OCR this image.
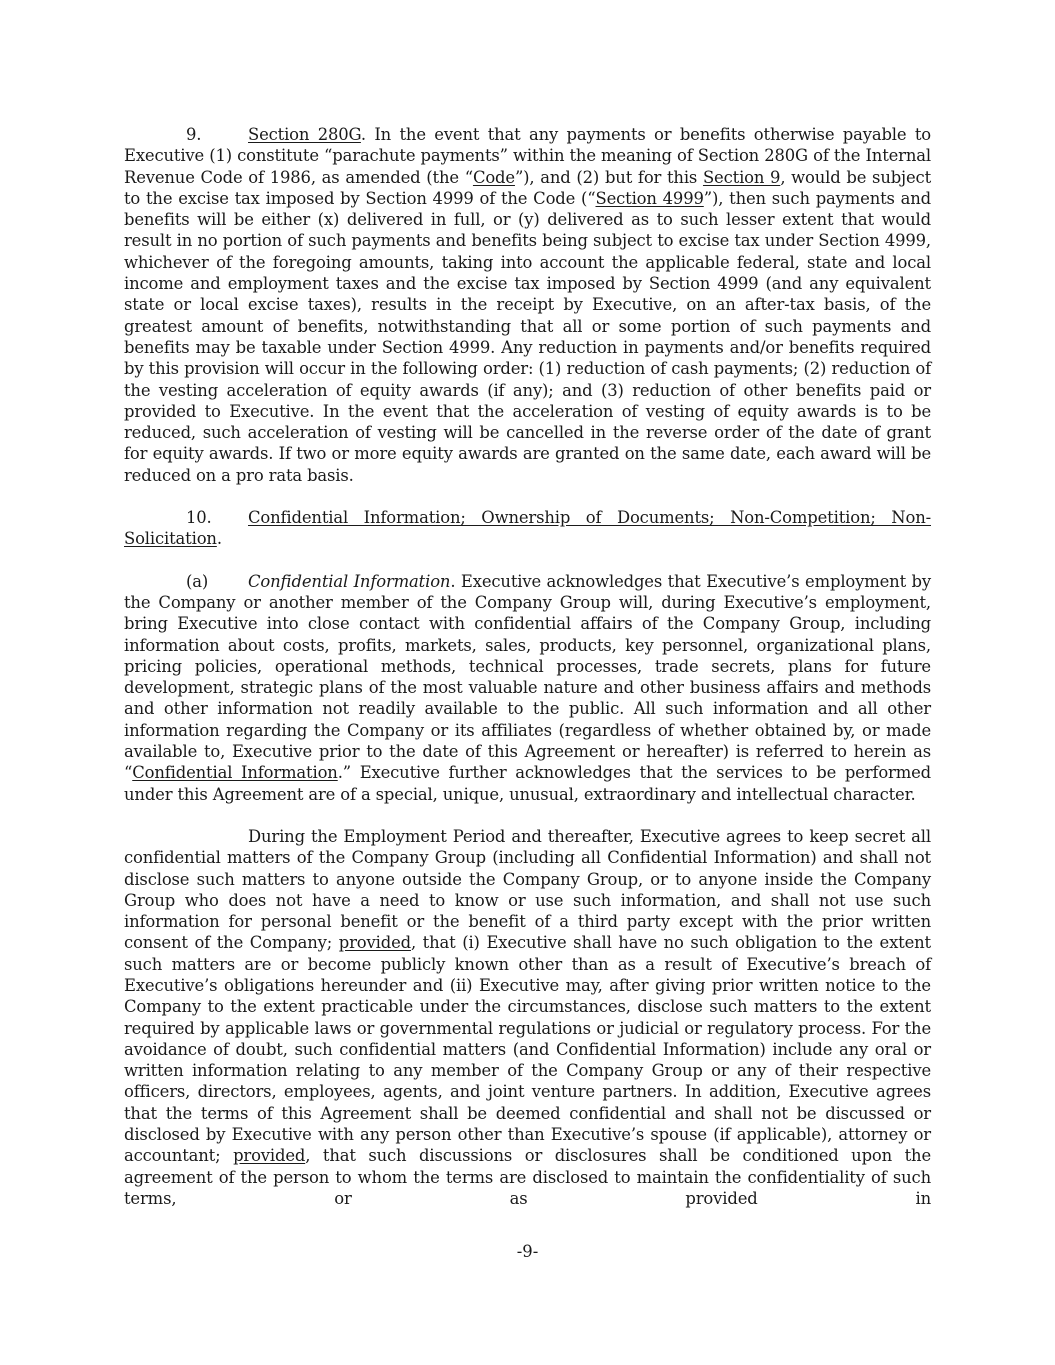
9.	Section 280G. In the event that any payments or benefits otherwise payable to Executive (1) constitute “parachute payments” within the meaning of Section 280G of the Internal Revenue Code of 1986, as amended (the “Code”), and (2) but for this Section 9, would be subject to the excise tax imposed by Section 4999 of the Code (“Section 4999”), then such payments and benefits will be either (x) delivered in full, or (y) delivered as to such lesser extent that would result in no portion of such payments and benefits being subject to excise tax under Section 4999, whichever of the foregoing amounts, taking into account the applicable federal, state and local income and employment taxes and the excise tax imposed by Section 4999 (and any equivalent state or local excise taxes), results in the receipt by Executive, on an after-tax basis, of the greatest amount of benefits, notwithstanding that all or some portion of such payments and benefits may be taxable under Section 4999. Any reduction in payments and/or benefits required by this provision will occur in the following order: (1) reduction of cash payments; (2) reduction of the vesting acceleration of equity awards (if any); and (3) reduction of other benefits paid or provided to Executive. In the event that the acceleration of vesting of equity awards is to be reduced, such acceleration of vesting will be cancelled in the reverse order of the date of grant for equity awards. If two or more equity awards are granted on the same date, each award will be reduced on a pro rata basis.

10. Confidential Information; Ownership of Documents; Non-Competition; Non-Solicitation.

(a) Confidential Information. Executive acknowledges that Executive’s employment by the Company or another member of the Company Group will, during Executive’s employment, bring Executive into close contact with confidential affairs of the Company Group, including information about costs, profits, markets, sales, products, key personnel, organizational plans, pricing policies, operational methods, technical processes, trade secrets, plans for future development, strategic plans of the most valuable nature and other business affairs and methods and other information not readily available to the public. All such information and all other information regarding the Company or its affiliates (regardless of whether obtained by, or made available to, Executive prior to the date of this Agreement or hereafter) is referred to herein as “Confidential Information.” Executive further acknowledges that the services to be performed under this Agreement are of a special, unique, unusual, extraordinary and intellectual character.

During the Employment Period and thereafter, Executive agrees to keep secret all confidential matters of the Company Group (including all Confidential Information) and shall not disclose such matters to anyone outside the Company Group, or to anyone inside the Company Group who does not have a need to know or use such information, and shall not use such information for personal benefit or the benefit of a third party except with the prior written consent of the Company; provided, that (i) Executive shall have no such obligation to the extent such matters are or become publicly known other than as a result of Executive’s breach of Executive’s obligations hereunder and (ii) Executive may, after giving prior written notice to the Company to the extent practicable under the circumstances, disclose such matters to the extent required by applicable laws or governmental regulations or judicial or regulatory process. For the avoidance of doubt, such confidential matters (and Confidential Information) include any oral or written information relating to any member of the Company Group or any of their respective officers, directors, employees, agents, and joint venture partners. In addition, Executive agrees that the terms of this Agreement shall be deemed confidential and shall not be discussed or disclosed by Executive with any person other than Executive’s spouse (if applicable), attorney or accountant; provided, that such discussions or disclosures shall be conditioned upon the agreement of the person to whom the terms are disclosed to maintain the confidentiality of such terms, or as provided in

-9-
